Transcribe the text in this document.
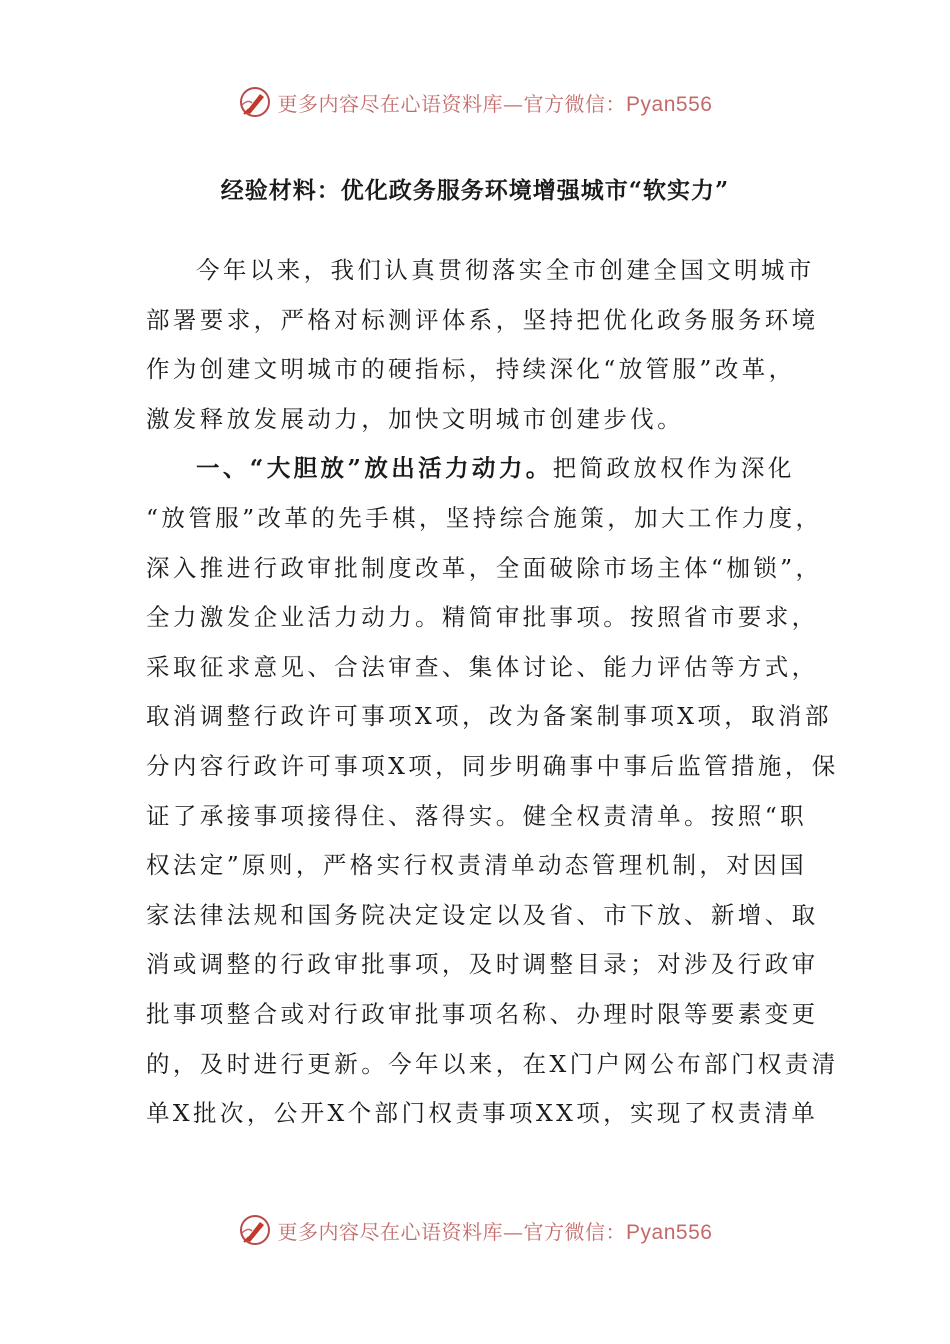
更多内容尽在心语资料库—官方微信：Pyan556
经验材料：优化政务服务环境增强城市“软实力”
今年以来，我们认真贯彻落实全市创建全国文明城市
部署要求，严格对标测评体系，坚持把优化政务服务环境
作为创建文明城市的硬指标，持续深化“放管服”改革，
激发释放发展动力，加快文明城市创建步伐。
一、“大胆放”放出活力动力。把简政放权作为深化
“放管服”改革的先手棋，坚持综合施策，加大工作力度，
深入推进行政审批制度改革，全面破除市场主体“枷锁”，
全力激发企业活力动力。精简审批事项。按照省市要求，
采取征求意见、合法审查、集体讨论、能力评估等方式，
取消调整行政许可事项X项，改为备案制事项X项，取消部
分内容行政许可事项X项，同步明确事中事后监管措施，保
证了承接事项接得住、落得实。健全权责清单。按照“职
权法定”原则，严格实行权责清单动态管理机制，对因国
家法律法规和国务院决定设定以及省、市下放、新增、取
消或调整的行政审批事项，及时调整目录；对涉及行政审
批事项整合或对行政审批事项名称、办理时限等要素变更
的，及时进行更新。今年以来，在X门户网公布部门权责清
单X批次，公开X个部门权责事项XX项，实现了权责清单
更多内容尽在心语资料库—官方微信：Pyan556
